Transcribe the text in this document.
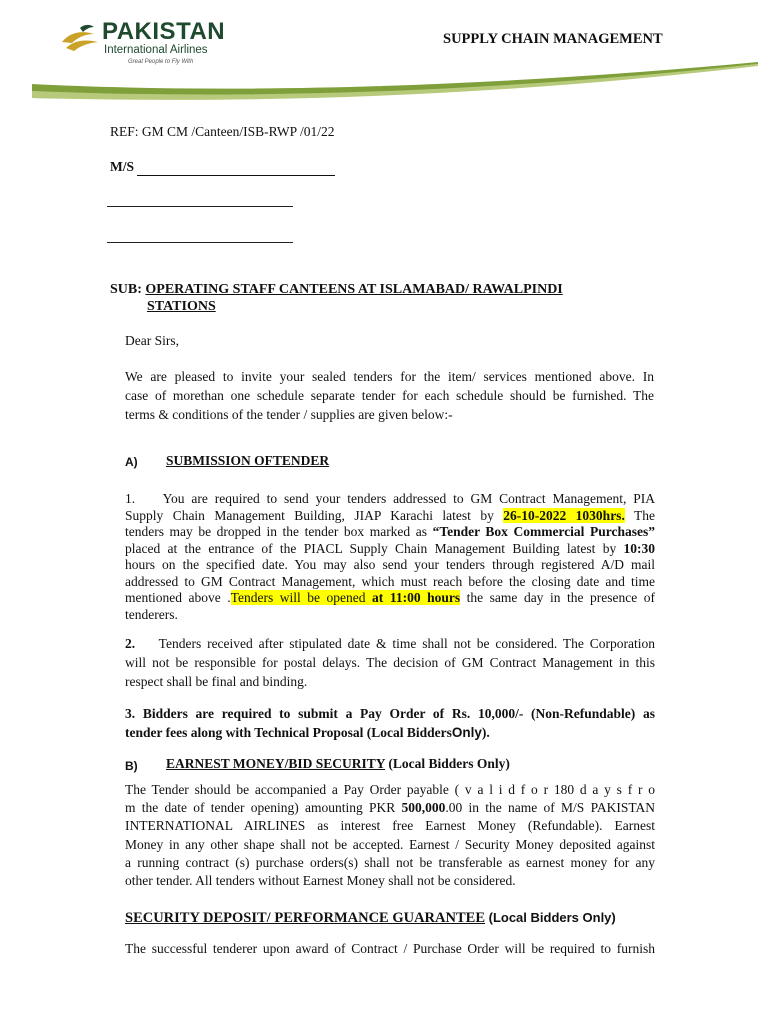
PAKISTAN
International Airlines
Great People to Fly With
SUPPLY CHAIN MANAGEMENT
REF: GM CM /Canteen/ISB-RWP /01/22
M/S
SUB: OPERATING STAFF CANTEENS AT ISLAMABAD/ RAWALPINDI
STATIONS
Dear Sirs,
We are pleased to invite your sealed tenders for the item/ services mentioned above. In
case of morethan one schedule separate tender for each schedule should be furnished. The
terms & conditions of the tender / supplies are given below:-
A) SUBMISSION OFTENDER
1. You are required to send your tenders addressed to GM Contract Management, PIA
Supply Chain Management Building, JIAP Karachi latest by 26-10-2022 1030hrs. The
tenders may be dropped in the tender box marked as “Tender Box Commercial Purchases”
placed at the entrance of the PIACL Supply Chain Management Building latest by 10:30
hours on the specified date. You may also send your tenders through registered A/D mail
addressed to GM Contract Management, which must reach before the closing date and time
mentioned above .Tenders will be opened at 11:00 hours the same day in the presence of
tenderers.
2. Tenders received after stipulated date & time shall not be considered. The Corporation
will not be responsible for postal delays. The decision of GM Contract Management in this
respect shall be final and binding.
3. Bidders are required to submit a Pay Order of Rs. 10,000/- (Non-Refundable) as
tender fees along with Technical Proposal (Local BiddersOnly).
B) EARNEST MONEY/BID SECURITY (Local Bidders Only)
The Tender should be accompanied a Pay Order payable ( v a l i d f o r 180 d a y s f r o
m the date of tender opening) amounting PKR 500,000.00 in the name of M/S PAKISTAN
INTERNATIONAL AIRLINES as interest free Earnest Money (Refundable). Earnest
Money in any other shape shall not be accepted. Earnest / Security Money deposited against
a running contract (s) purchase orders(s) shall not be transferable as earnest money for any
other tender. All tenders without Earnest Money shall not be considered.
SECURITY DEPOSIT/ PERFORMANCE GUARANTEE (Local Bidders Only)
The successful tenderer upon award of Contract / Purchase Order will be required to furnish
